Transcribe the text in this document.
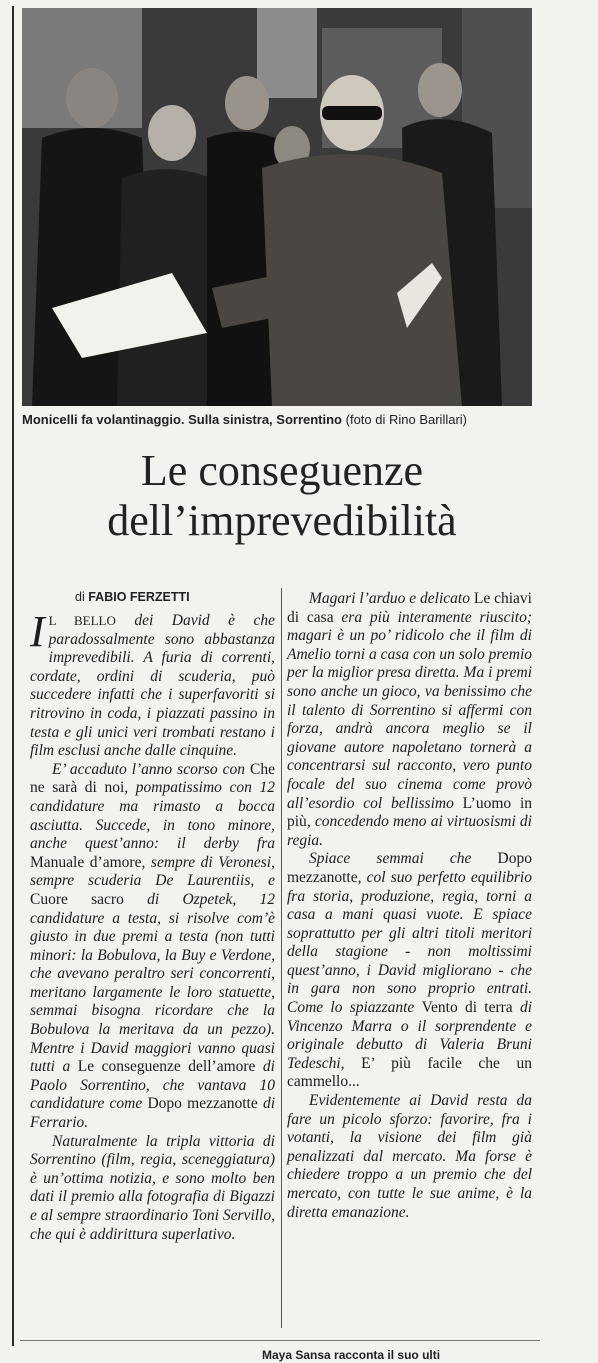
Monicelli fa volantinaggio. Sulla sinistra, Sorrentino (foto di Rino Barillari)
Le conseguenze
dell’imprevedibilità
di FABIO FERZETTI

I L BELLO dei David è che paradossalmente sono abbastanza imprevedibili. A furia di correnti, cordate, ordini di scuderia, può succedere infatti che i superfavoriti si ritrovino in coda, i piazzati passino in testa e gli unici veri trombati restano i film esclusi anche dalle cinquine.

E’ accaduto l’anno scorso con Che ne sarà di noi, pompatissimo con 12 candidature ma rimasto a bocca asciutta. Succede, in tono minore, anche quest’anno: il derby fra Manuale d’amore, sempre di Veronesi, sempre scuderia De Laurentiis, e Cuore sacro di Ozpetek, 12 candidature a testa, si risolve com’è giusto in due premi a testa (non tutti minori: la Bobulova, la Buy e Verdone, che avevano peraltro seri concorrenti, meritano largamente le loro statuette, semmai bisogna ricordare che la Bobulova la meritava da un pezzo). Mentre i David maggiori vanno quasi tutti a Le conseguenze dell’amore di Paolo Sorrentino, che vantava 10 candidature come Dopo mezzanotte di Ferrario.

Naturalmente la tripla vittoria di Sorrentino (film, regia, sceneggiatura) è un’ottima notizia, e sono molto ben dati il premio alla fotografia di Bigazzi e al sempre straordinario Toni Servillo, che qui è addirittura superlativo.

Magari l’arduo e delicato Le chiavi di casa era più interamente riuscito; magari è un po’ ridicolo che il film di Amelio torni a casa con un solo premio per la miglior presa diretta. Ma i premi sono anche un gioco, va benissimo che il talento di Sorrentino si affermi con forza, andrà ancora meglio se il giovane autore napoletano tornerà a concentrarsi sul racconto, vero punto focale del suo cinema come provò all’esordio col bellissimo L’uomo in più, concedendo meno ai virtuosismi di regia.

Spiace semmai che Dopo mezzanotte, col suo perfetto equilibrio fra storia, produzione, regia, torni a casa a mani quasi vuote. E spiace soprattutto per gli altri titoli meritori della stagione - non moltissimi quest’anno, i David migliorano - che in gara non sono proprio entrati. Come lo spiazzante Vento di terra di Vincenzo Marra o il sorprendente e originale debutto di Valeria Bruni Tedeschi, E’ più facile che un cammello...

Evidentemente ai David resta da fare un picolo sforzo: favorire, fra i votanti, la visione dei film già penalizzati dal mercato. Ma forse è chiedere troppo a un premio che del mercato, con tutte le sue anime, è la diretta emanazione.

Maya Sansa racconta il suo ulti
